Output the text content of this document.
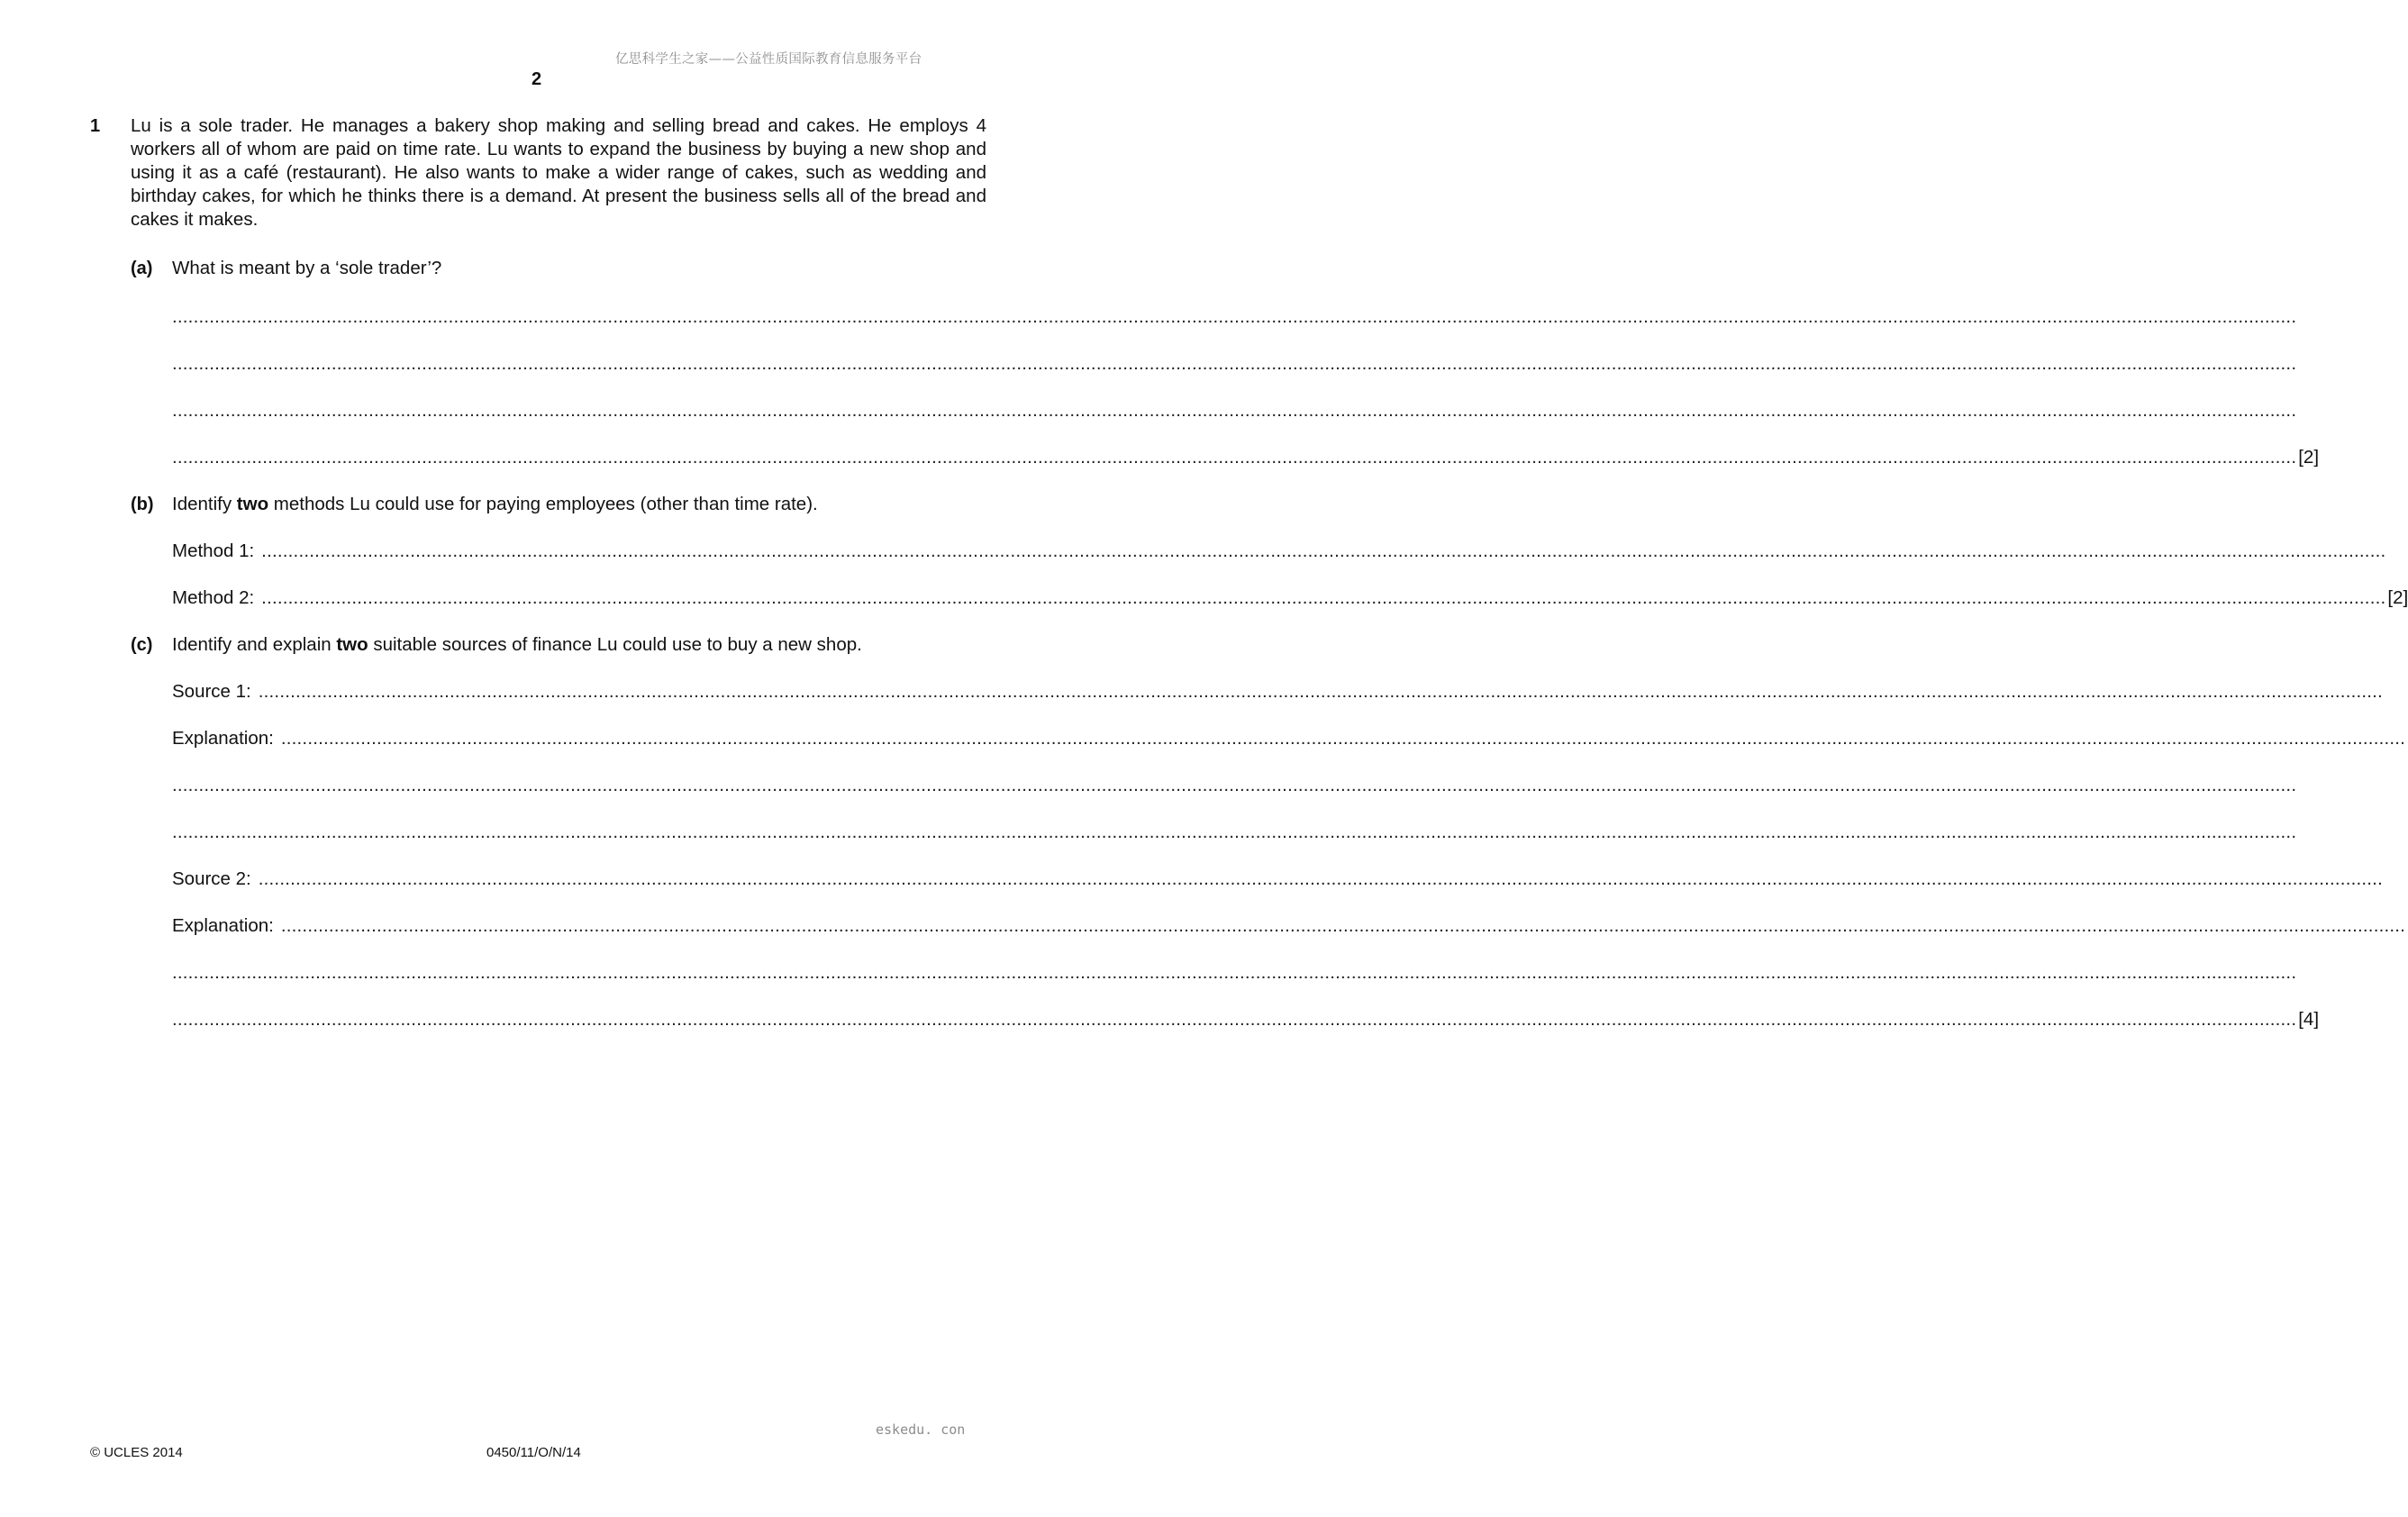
亿思科学生之家——公益性质国际教育信息服务平台
2
1 Lu is a sole trader. He manages a bakery shop making and selling bread and cakes. He employs 4 workers all of whom are paid on time rate. Lu wants to expand the business by buying a new shop and using it as a café (restaurant). He also wants to make a wider range of cakes, such as wedding and birthday cakes, for which he thinks there is a demand. At present the business sells all of the bread and cakes it makes.
(a) What is meant by a ‘sole trader’?
................................................................................................................................................................................................................................................................................................................................................................................................................
................................................................................................................................................................................................................................................................................................................................................................................................................
................................................................................................................................................................................................................................................................................................................................................................................................................
................................................................................................................................................................................................................................................................................................................................................................................................................ [2]
(b) Identify two methods Lu could use for paying employees (other than time rate).
Method 1: ................................................................................................................................................................................................................................................................................................................................................................................................................
Method 2: ................................................................................................................................................................................................................................................................................................................................................................................................................ [2]
(c) Identify and explain two suitable sources of finance Lu could use to buy a new shop.
Source 1: ................................................................................................................................................................................................................................................................................................................................................................................................................
Explanation: ................................................................................................................................................................................................................................................................................................................................................................................................................
................................................................................................................................................................................................................................................................................................................................................................................................................
................................................................................................................................................................................................................................................................................................................................................................................................................
Source 2: ................................................................................................................................................................................................................................................................................................................................................................................................................
Explanation: ................................................................................................................................................................................................................................................................................................................................................................................................................
................................................................................................................................................................................................................................................................................................................................................................................................................
................................................................................................................................................................................................................................................................................................................................................................................................................ [4]
eskedu. con
© UCLES 2014	0450/11/O/N/14
